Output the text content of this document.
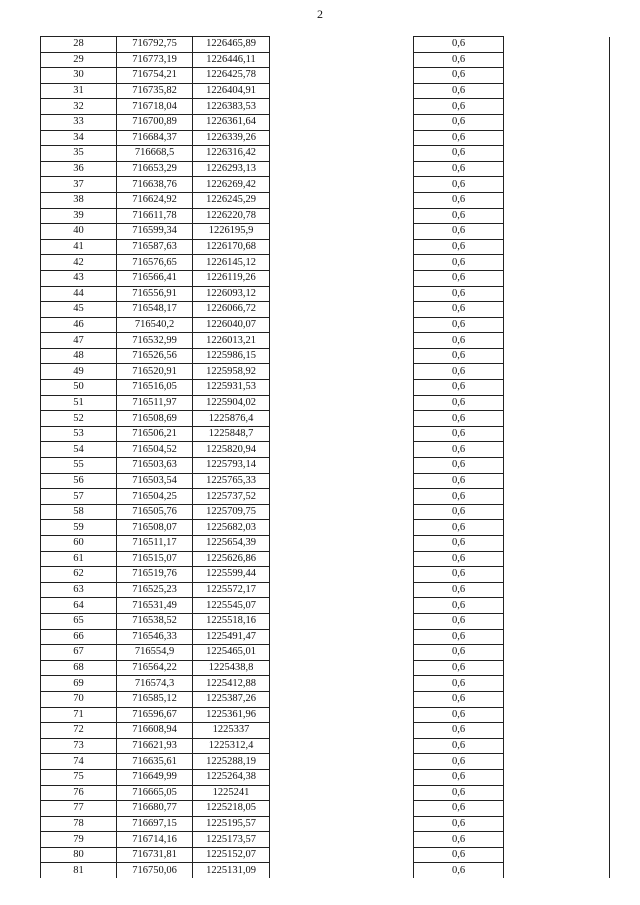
2
28	716792,75	1226465,89		0,6	
29	716773,19	1226446,11		0,6	
30	716754,21	1226425,78		0,6	
31	716735,82	1226404,91		0,6	
32	716718,04	1226383,53		0,6	
33	716700,89	1226361,64		0,6	
34	716684,37	1226339,26		0,6	
35	716668,5	1226316,42		0,6	
36	716653,29	1226293,13		0,6	
37	716638,76	1226269,42		0,6	
38	716624,92	1226245,29		0,6	
39	716611,78	1226220,78		0,6	
40	716599,34	1226195,9		0,6	
41	716587,63	1226170,68		0,6	
42	716576,65	1226145,12		0,6	
43	716566,41	1226119,26		0,6	
44	716556,91	1226093,12		0,6	
45	716548,17	1226066,72		0,6	
46	716540,2	1226040,07		0,6	
47	716532,99	1226013,21		0,6	
48	716526,56	1225986,15		0,6	
49	716520,91	1225958,92		0,6	
50	716516,05	1225931,53		0,6	
51	716511,97	1225904,02		0,6	
52	716508,69	1225876,4		0,6	
53	716506,21	1225848,7		0,6	
54	716504,52	1225820,94		0,6	
55	716503,63	1225793,14		0,6	
56	716503,54	1225765,33		0,6	
57	716504,25	1225737,52		0,6	
58	716505,76	1225709,75		0,6	
59	716508,07	1225682,03		0,6	
60	716511,17	1225654,39		0,6	
61	716515,07	1225626,86		0,6	
62	716519,76	1225599,44		0,6	
63	716525,23	1225572,17		0,6	
64	716531,49	1225545,07		0,6	
65	716538,52	1225518,16		0,6	
66	716546,33	1225491,47		0,6	
67	716554,9	1225465,01		0,6	
68	716564,22	1225438,8		0,6	
69	716574,3	1225412,88		0,6	
70	716585,12	1225387,26		0,6	
71	716596,67	1225361,96		0,6	
72	716608,94	1225337		0,6	
73	716621,93	1225312,4		0,6	
74	716635,61	1225288,19		0,6	
75	716649,99	1225264,38		0,6	
76	716665,05	1225241		0,6	
77	716680,77	1225218,05		0,6	
78	716697,15	1225195,57		0,6	
79	716714,16	1225173,57		0,6	
80	716731,81	1225152,07		0,6	
81	716750,06	1225131,09		0,6	
